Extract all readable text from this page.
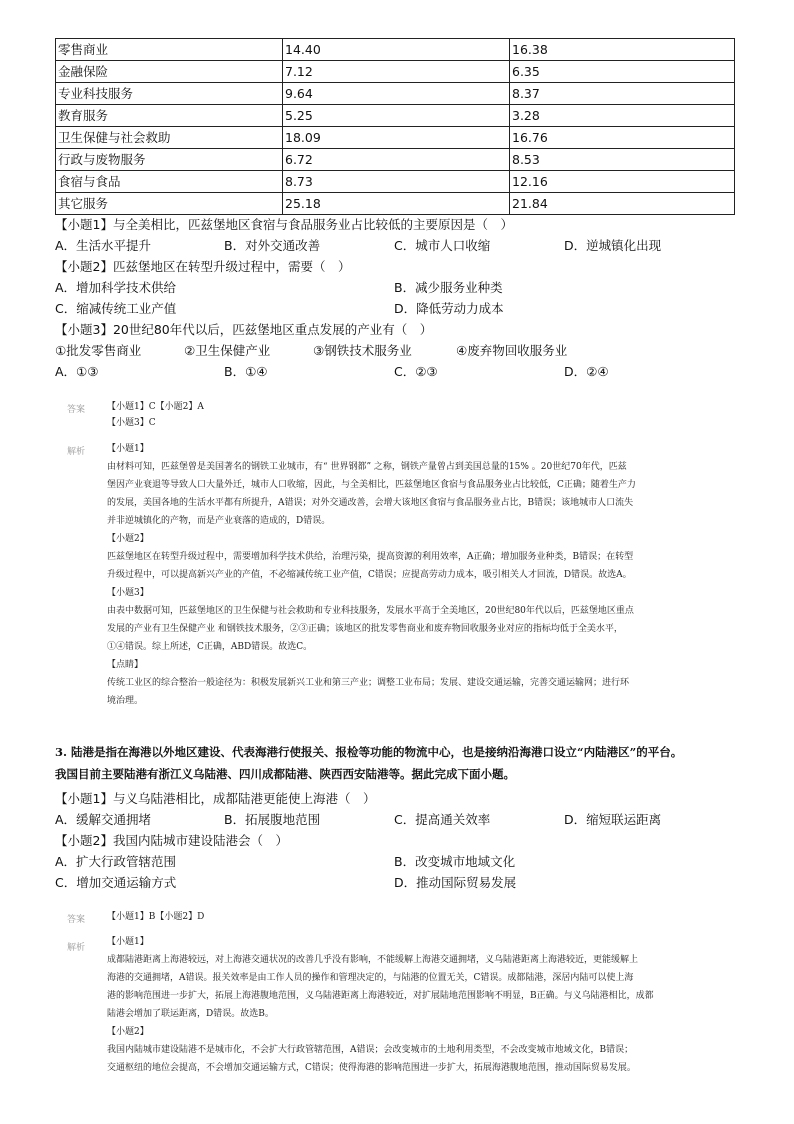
零售商业	14.40	16.38
金融保险	7.12	6.35
专业科技服务	9.64	8.37
教育服务	5.25	3.28
卫生保健与社会救助	18.09	16.76
行政与废物服务	6.72	8.53
食宿与食品	8.73	12.16
其它服务	25.18	21.84
【小题1】与全美相比，匹兹堡地区食宿与食品服务业占比较低的主要原因是（　）
A．生活水平提升	B．对外交通改善	C．城市人口收缩	D．逆城镇化出现
【小题2】匹兹堡地区在转型升级过程中，需要（　）
A．增加科学技术供给	B．减少服务业种类
C．缩减传统工业产值	D．降低劳动力成本
【小题3】20世纪80年代以后，匹兹堡地区重点发展的产业有（　）
①批发零售商业	②卫生保健产业	③钢铁技术服务业	④废弃物回收服务业
A．①③	B．①④	C．②③	D．②④
答案 【小题1】C【小题2】A
【小题3】C
解析 【小题1】
由材料可知，匹兹堡曾是美国著名的钢铁工业城市，有“ 世界钢都” 之称，钢铁产量曾占到美国总量的15% 。20世纪70年代，匹兹
堡因产业衰退等导致人口大量外迁，城市人口收缩，因此，与全美相比，匹兹堡地区食宿与食品服务业占比较低，C正确；随着生产力
的发展，美国各地的生活水平都有所提升，A错误；对外交通改善，会增大该地区食宿与食品服务业占比，B错误；该地城市人口流失
并非逆城镇化的产物，而是产业衰落的造成的，D错误。
【小题2】
匹兹堡地区在转型升级过程中，需要增加科学技术供给，治理污染，提高资源的利用效率，A正确；增加服务业种类，B错误；在转型
升级过程中，可以提高新兴产业的产值，不必缩减传统工业产值，C错误；应提高劳动力成本，吸引相关人才回流，D错误。故选A。
【小题3】
由表中数据可知，匹兹堡地区的卫生保健与社会救助和专业科技服务，发展水平高于全美地区，20世纪80年代以后，匹兹堡地区重点
发展的产业有卫生保健产业 和钢铁技术服务，②③正确；该地区的批发零售商业和废弃物回收服务业对应的指标均低于全美水平，
①④错误。综上所述，C正确，ABD错误。故选C。
【点睛】
传统工业区的综合整治一般途径为：积极发展新兴工业和第三产业；调整工业布局；发展、建设交通运输，完善交通运输网；进行环
境治理。
3. 陆港是指在海港以外地区建设、代表海港行使报关、报检等功能的物流中心，也是接纳沿海港口设立“内陆港区”的平台。
我国目前主要陆港有浙江义乌陆港、四川成都陆港、陕西西安陆港等。据此完成下面小题。
【小题1】与义乌陆港相比，成都陆港更能使上海港（　）
A．缓解交通拥堵	B．拓展腹地范围	C．提高通关效率	D．缩短联运距离
【小题2】我国内陆城市建设陆港会（　）
A．扩大行政管辖范围	B．改变城市地域文化
C．增加交通运输方式	D．推动国际贸易发展
答案 【小题1】B【小题2】D
解析
【小题1】
成都陆港距离上海港较远，对上海港交通状况的改善几乎没有影响，不能缓解上海港交通拥堵，义乌陆港距离上海港较近，更能缓解上
海港的交通拥堵，A错误。报关效率是由工作人员的操作和管理决定的，与陆港的位置无关，C错误。成都陆港，深居内陆可以使上海
港的影响范围进一步扩大，拓展上海港腹地范围，义乌陆港距离上海港较近，对扩展陆地范围影响不明显，B正确。与义乌陆港相比，成都
陆港会增加了联运距离，D错误。故选B。
【小题2】
我国内陆城市建设陆港不是城市化，不会扩大行政管辖范围，A错误；会改变城市的土地利用类型，不会改变城市地域文化，B错误；
交通枢纽的地位会提高，不会增加交通运输方式，C错误；使得海港的影响范围进一步扩大，拓展海港腹地范围，推动国际贸易发展。
